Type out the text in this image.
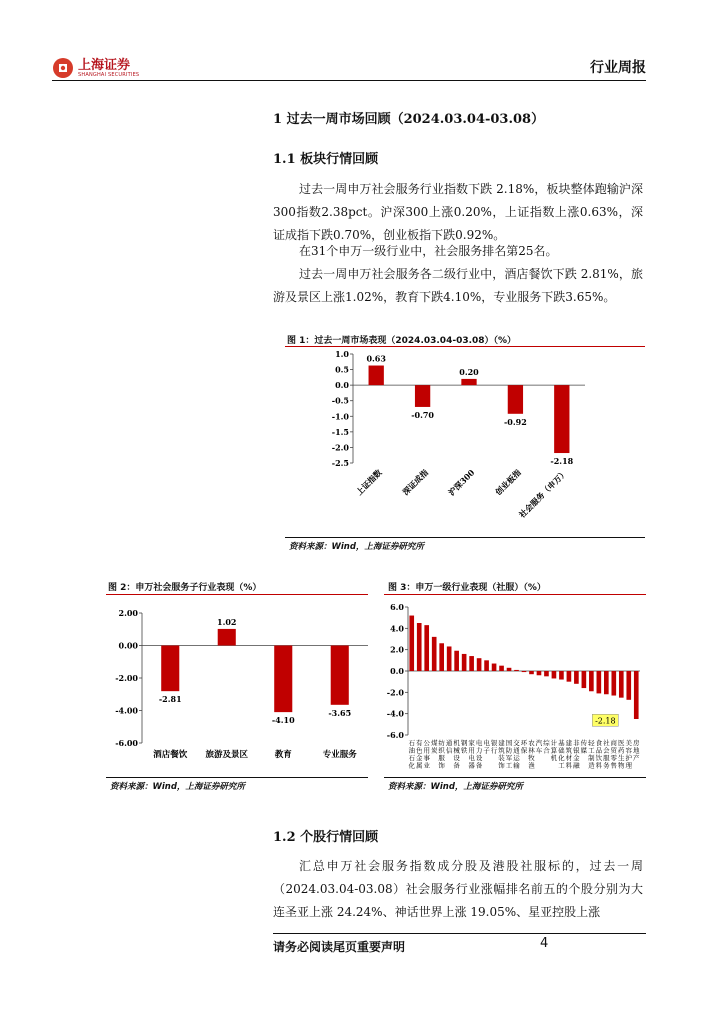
上海证券
SHANGHAI SECURITIES	行业周报
1 过去一周市场回顾（2024.03.04-03.08）
1.1 板块行情回顾
过去一周申万社会服务行业指数下跌 2.18%，板块整体跑输沪深300指数2.38pct。沪深300上涨0.20%，上证指数上涨0.63%，深证成指下跌0.70%，创业板指下跌0.92%。
在31个申万一级行业中，社会服务排名第25名。
过去一周申万社会服务各二级行业中，酒店餐饮下跌 2.81%，旅游及景区上涨1.02%，教育下跌4.10%，专业服务下跌3.65%。
图 1：过去一周市场表现（2024.03.04-03.08）（%）
1.0
0.5
0.0
-0.5
-1.0
-1.5
-2.0
-2.5
0.63
上证指数
-0.70
深证成指
0.20
沪深300
-0.92
创业板指
-2.18
社会服务（申万）
资料来源：Wind，上海证券研究所
图 2：申万社会服务子行业表现（%）
2.00
0.00
-2.00
-4.00
-6.00
-2.81
酒店餐饮
1.02
旅游及景区
-4.10
教育
-3.65
专业服务
资料来源：Wind，上海证券研究所
图 3：申万一级行业表现（社服）（%）
6.0
4.0
2.0
0.0
-2.0
-4.0
-6.0
石油石化
有色金属
公用事业
煤炭
纺织服饰
通信
机械设备
钢铁
家用电器
电力设备
电子
银行
建筑装饰
国防军工
交通运输
环保
农林牧渔
汽车
综合
计算机
基础化工
建筑材料
非银金融
传媒
轻工制造
食品饮料
社会服务
商贸零售
医药生物
美容护理
房地产
-2.18
资料来源：Wind，上海证券研究所
1.2 个股行情回顾
汇总申万社会服务指数成分股及港股社服标的，过去一周（2024.03.04-03.08）社会服务行业涨幅排名前五的个股分别为大连圣亚上涨 24.24%、神话世界上涨 19.05%、星亚控股上涨
请务必阅读尾页重要声明	4
